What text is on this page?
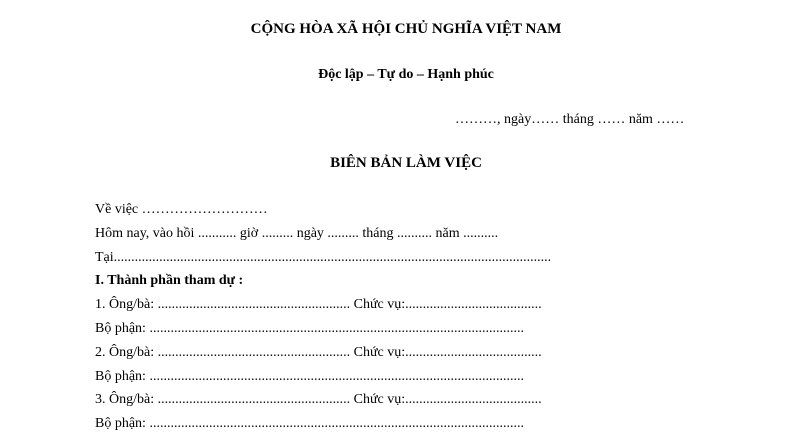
CỘNG HÒA XÃ HỘI CHỦ NGHĨA VIỆT NAM
Độc lập – Tự do – Hạnh phúc
………, ngày…… tháng …… năm ……
BIÊN BẢN LÀM VIỆC
Về việc ………………………
Hôm nay, vào hồi ........... giờ ......... ngày ......... tháng .......... năm ..........
Tại.............................................................................................................................
I. Thành phần tham dự :
1. Ông/bà: ....................................................... Chức vụ:.......................................
Bộ phận: ...........................................................................................................
2. Ông/bà: ....................................................... Chức vụ:.......................................
Bộ phận: ...........................................................................................................
3. Ông/bà: ....................................................... Chức vụ:.......................................
Bộ phận: ...........................................................................................................
